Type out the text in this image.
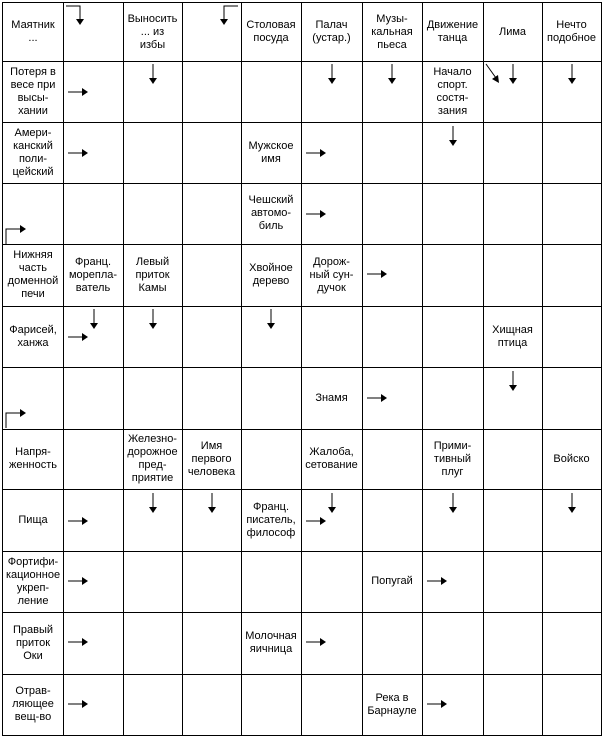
Маятник
...
Выносить
... из
избы
Столовая
посуда
Палач
(устар.)
Музы-
кальная
пьеса
Движение
танца
Лима
Нечто
подобное
Потеря в
весе при
высы-
хании
Начало
спорт.
состя-
зания
Амери-
канский
поли-
цейский
Мужское
имя
Чешский
автомо-
биль
Нижняя
часть
доменной
печи
Франц.
морепла-
ватель
Левый
приток
Камы
Хвойное
дерево
Дорож-
ный сун-
дучок
Фарисей,
ханжа
Хищная
птица
Знамя
Напря-
женность
Железно-
дорожное
пред-
приятие
Имя
первого
человека
Жалоба,
сетование
Прими-
тивный
плуг
Войско
Пища
Франц.
писатель,
философ
Фортифи-
кационное
укреп-
ление
Попугай
Правый
приток
Оки
Молочная
яичница
Отрав-
ляющее
вещ-во
Река в
Барнауле
